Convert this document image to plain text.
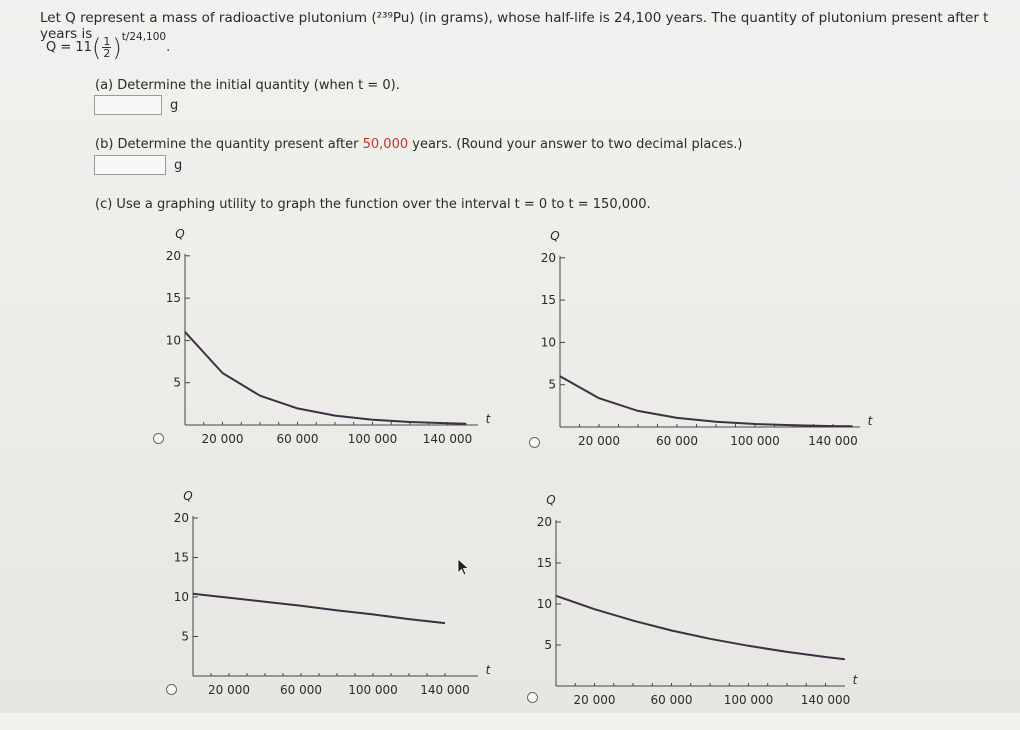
Let Q represent a mass of radioactive plutonium (²³⁹Pu) (in grams), whose half-life is 24,100 years. The quantity of plutonium present after t years is
Q = 11 ( $\frac{1}{2}$ ) t/24,100
.
(a) Determine the initial quantity (when t = 0).
g
(b) Determine the quantity present after 50,000 years. (Round your answer to two decimal places.)
g
(c) Use a graphing utility to graph the function over the interval t = 0 to t = 150,000.
20
15
10
5
20 000	60 000 100 000 140 000
Q
t
20
15
10
5
20 000	60 000	100 000 140 000
Q
t
20
15
10
5
20 000	60 000 100 000 140 000
Q
t
20
15
10
5
20 000	60 000	100 000 140 000
Q
t
